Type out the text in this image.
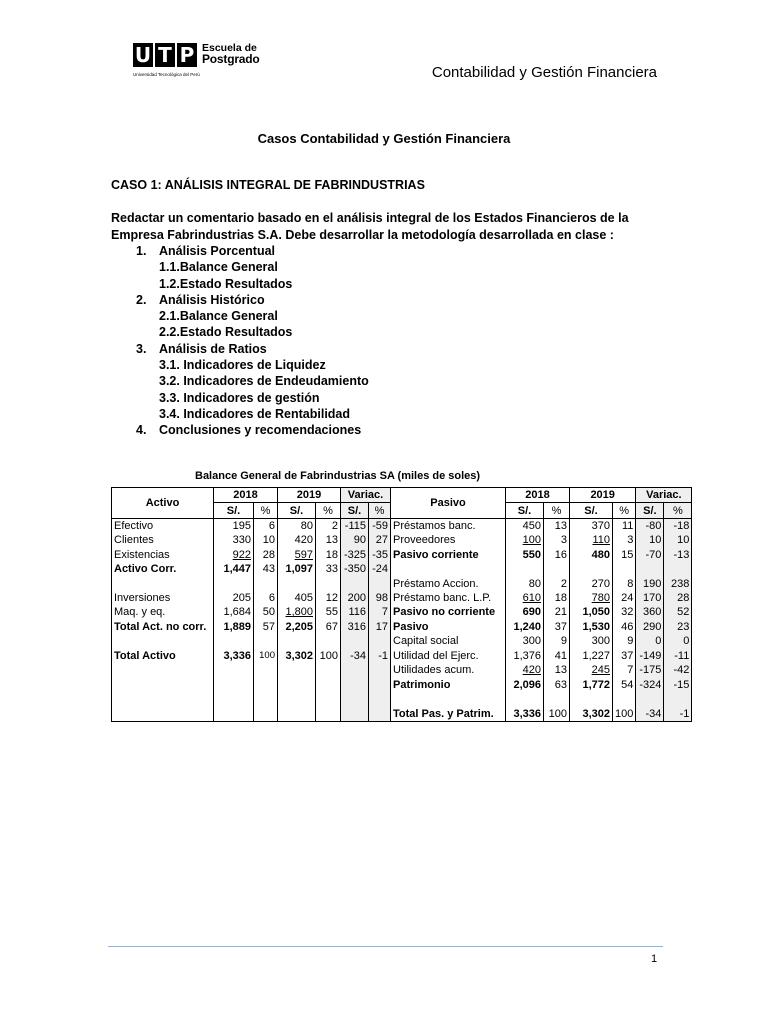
U T P Escuela de
Postgrado
Universidad Tecnológica del Perú	Contabilidad y Gestión Financiera
Casos Contabilidad y Gestión Financiera
CASO 1: ANÁLISIS INTEGRAL DE FABRINDUSTRIAS
Redactar un comentario basado en el análisis integral de los Estados Financieros de la Empresa Fabrindustrias S.A. Debe desarrollar la metodología desarrollada en clase :
1. Análisis Porcentual
1.1.Balance General
1.2.Estado Resultados
2. Análisis Histórico
2.1.Balance General
2.2.Estado Resultados
3. Análisis de Ratios
3.1. Indicadores de Liquidez
3.2. Indicadores de Endeudamiento
3.3. Indicadores de gestión
3.4. Indicadores de Rentabilidad
4. Conclusiones y recomendaciones
Balance General de Fabrindustrias SA (miles de soles)
Activo	2018		2019		Variac.		Pasivo	2018		2019		Variac.	
	S/.	%	S/.	%	S/.	%		S/.	%	S/.	%	S/.	%
Efectivo	195	6	80	2	-115	-59	Préstamos banc.	450	13	370	11	-80	-18
Clientes	330	10	420	13	90	27	Proveedores	100	3	110	3	10	10
Existencias	922	28	597	18	-325	-35	Pasivo corriente	550	16	480	15	-70	-13
Activo Corr.	1,447	43	1,097	33	-350	-24							
							Préstamo Accion.	80	2	270	8	190	238
Inversiones	205	6	405	12	200	98	Préstamo banc. L.P.	610	18	780	24	170	28
Maq. y eq.	1,684	50	1,800	55	116	7	Pasivo no corriente	690	21	1,050	32	360	52
Total Act. no corr.	1,889	57	2,205	67	316	17	Pasivo	1,240	37	1,530	46	290	23
							Capital social	300	9	300	9	0	0
Total Activo	3,336	100	3,302	100	-34	-1	Utilidad del Ejerc.	1,376	41	1,227	37	-149	-11
							Utilidades acum.	420	13	245	7	-175	-42
							Patrimonio	2,096	63	1,772	54	-324	-15

							Total Pas. y Patrim.	3,336	100	3,302	100	-34	-1
1
